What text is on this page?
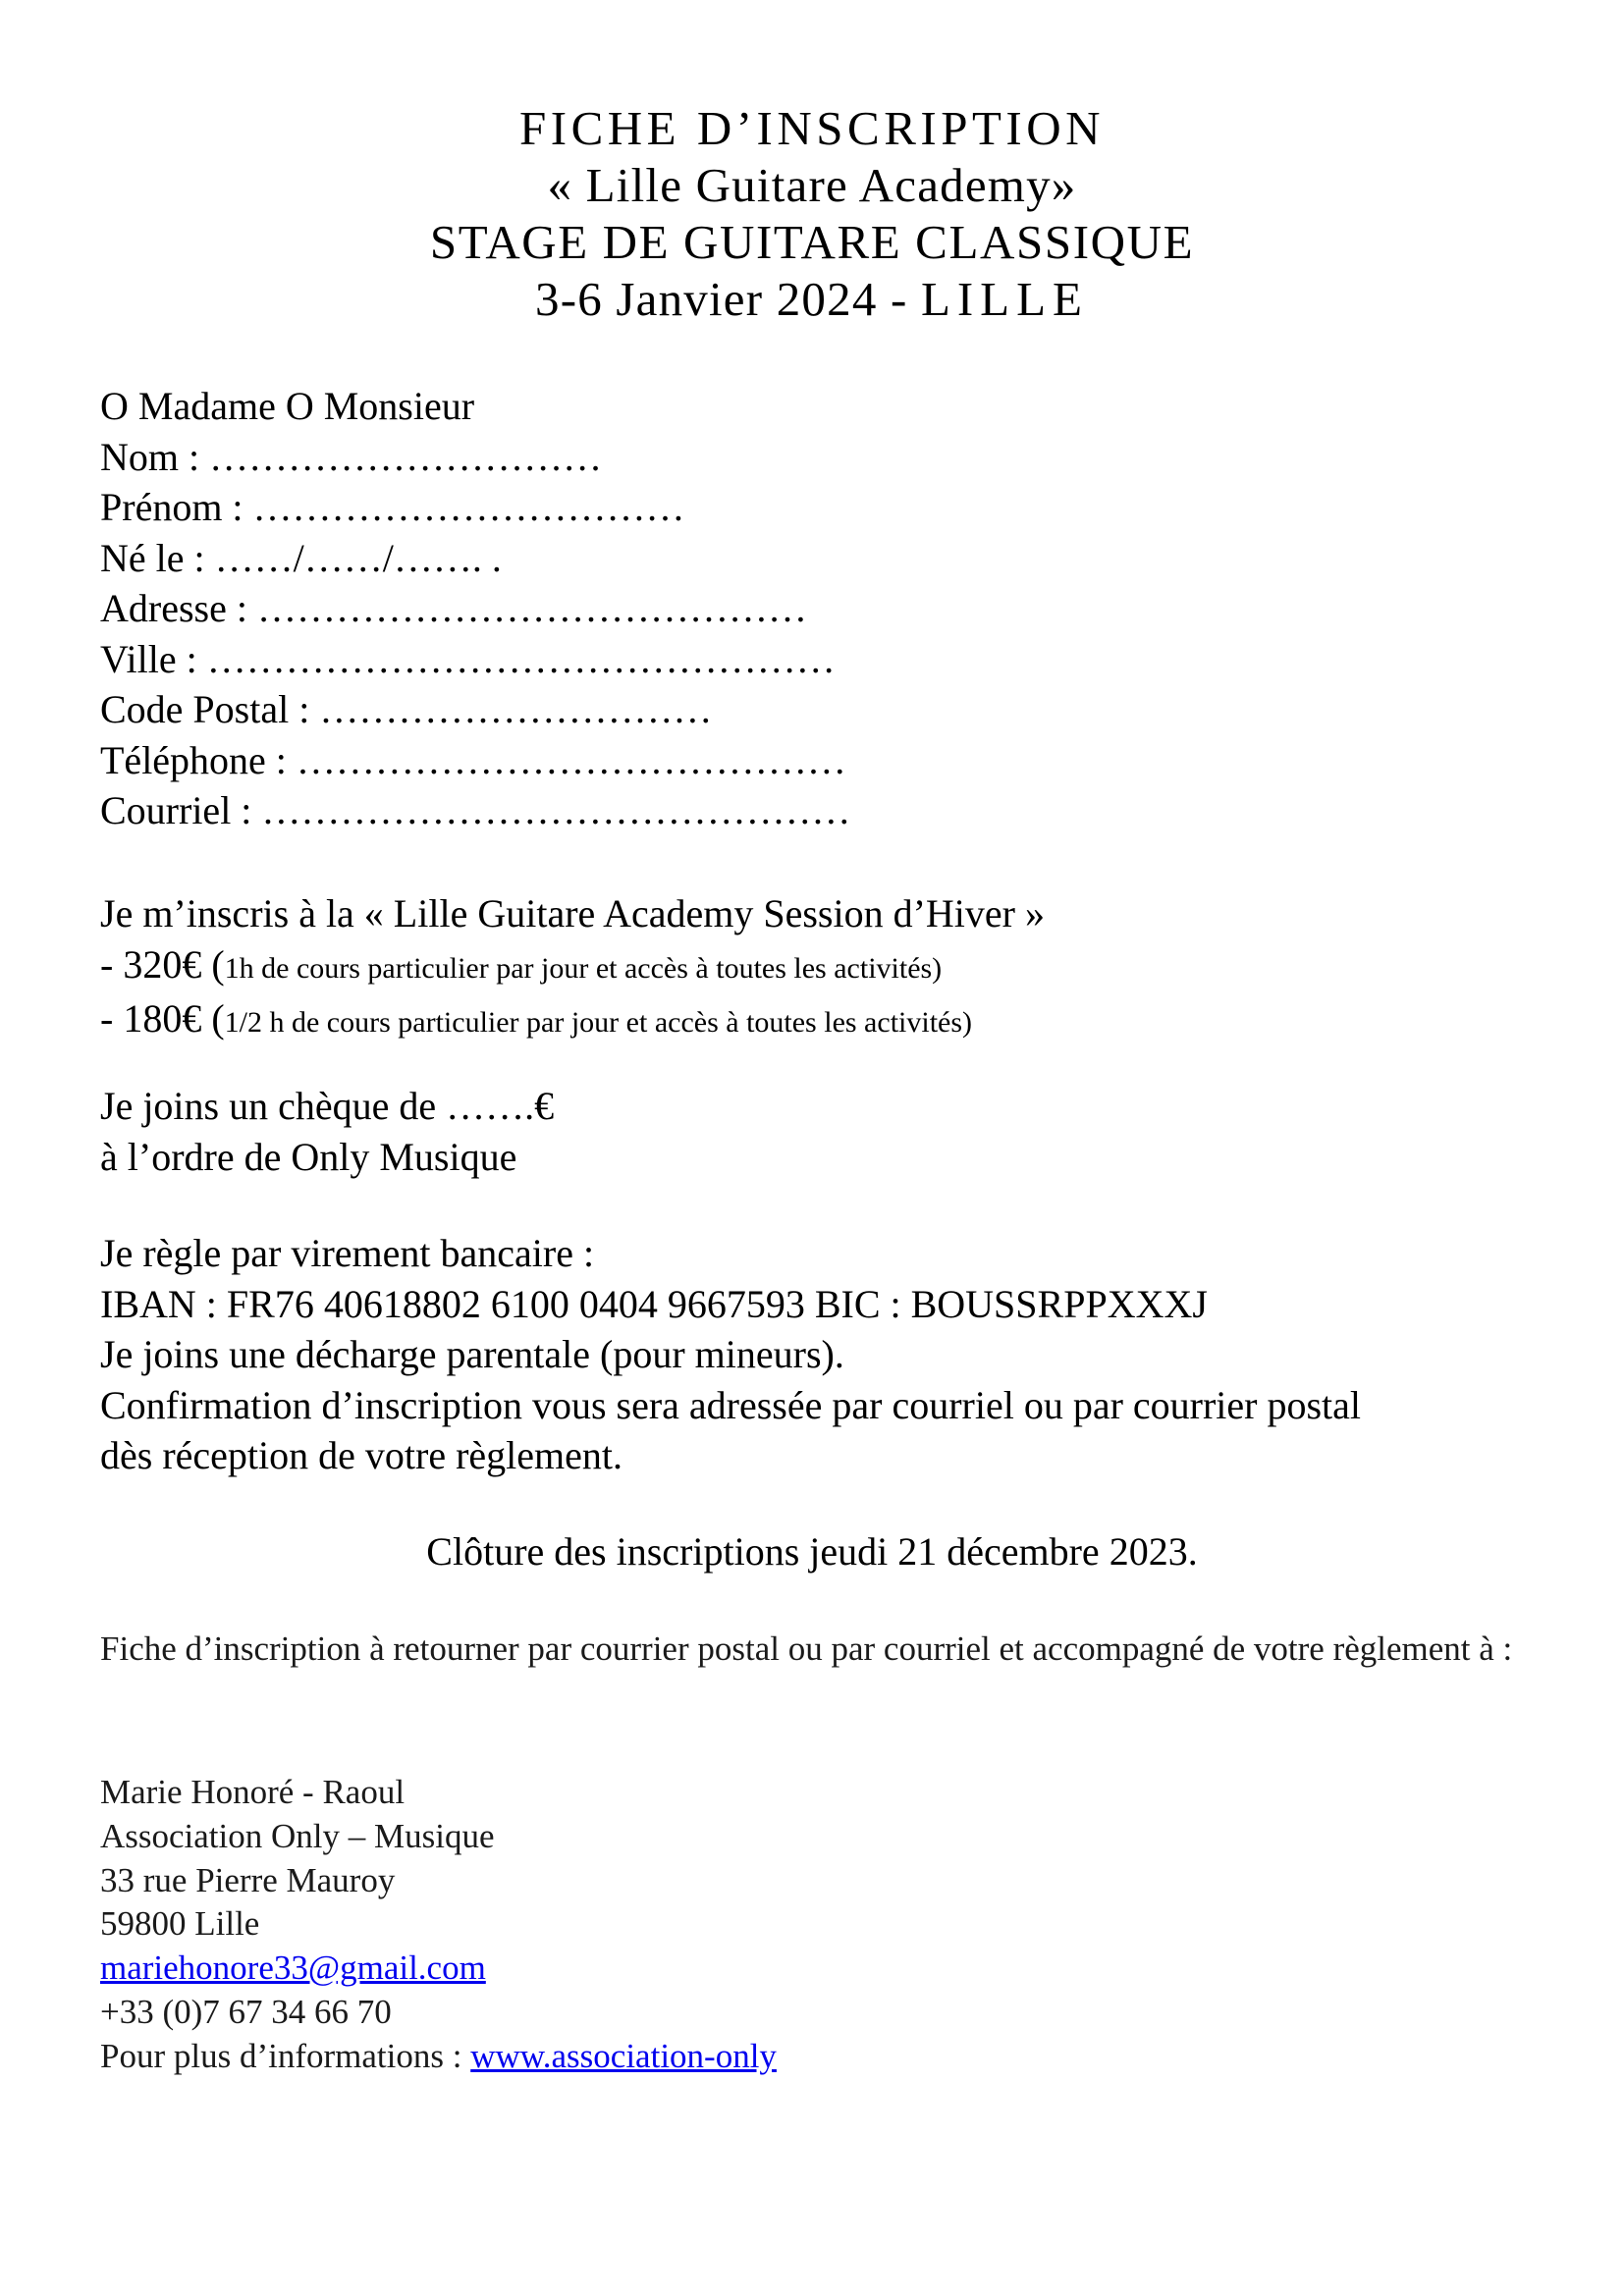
FICHE D’INSCRIPTION
« Lille Guitare Academy»
STAGE DE GUITARE CLASSIQUE
3-6 Janvier 2024 - LILLE
O Madame O Monsieur
Nom : …………………………
Prénom : ……………………………
Né le : ……/……/……. .
Adresse : ……………………………………
Ville : …………………………………………
Code Postal : …………………………
Téléphone : ……………………………………
Courriel : ………………………………………
Je m’inscris à la « Lille Guitare Academy Session d’Hiver »
- 320€ (1h de cours particulier par jour et accès à toutes les activités)
- 180€ (1/2 h de cours particulier par jour et accès à toutes les activités)
Je joins un chèque de …….€
à l’ordre de Only Musique
Je règle par virement bancaire :
IBAN : FR76 40618802 6100 0404 9667593 BIC : BOUSSRPPXXXJ
Je joins une décharge parentale (pour mineurs).
Confirmation d’inscription vous sera adressée par courriel ou par courrier postal
dès réception de votre règlement.
Clôture des inscriptions jeudi 21 décembre 2023.
Fiche d’inscription à retourner par courrier postal ou par courriel et accompagné de votre règlement à :
Marie Honoré - Raoul
Association Only – Musique
33 rue Pierre Mauroy
59800 Lille
mariehonore33@gmail.com
+33 (0)7 67 34 66 70
Pour plus d’informations : www.association-only
